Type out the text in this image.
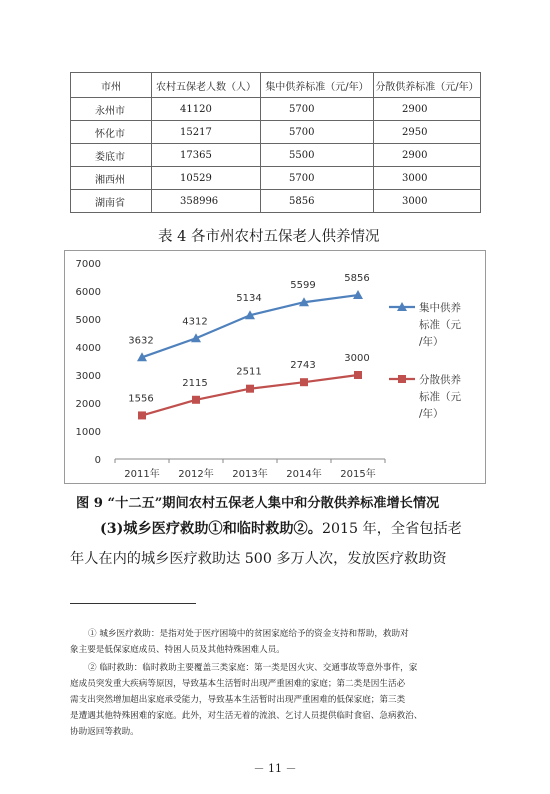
市州	农村五保老人数（人）	集中供养标准（元/年）	分散供养标准（元/年）
永州市	41120	5700	2900
怀化市	15217	5700	2950
娄底市	17365	5500	2900
湘西州	10529	5700	3000
湖南省	358996	5856	3000
表 4 各市州农村五保老人供养情况
0
1000
2000
3000
4000
5000
6000
7000
2011年 2012年 2013年 2014年 2015年
3632
4312
5134
5599
5856
1556
2115
2511
2743
3000
集中供养
标准（元
/年）
分散供养
标准（元
/年）
图 9 “十二五”期间农村五保老人集中和分散供养标准增长情况
(3)城乡医疗救助①和临时救助②。2015 年，全省包括老
年人在内的城乡医疗救助达 500 多万人次，发放医疗救助资
① 城乡医疗救助：是指对处于医疗困境中的贫困家庭给予的资金支持和帮助，救助对
象主要是低保家庭成员、特困人员及其他特殊困难人员。
② 临时救助：临时救助主要覆盖三类家庭：第一类是因火灾、交通事故等意外事件，家
庭成员突发重大疾病等原因，导致基本生活暂时出现严重困难的家庭；第二类是因生活必
需支出突然增加超出家庭承受能力，导致基本生活暂时出现严重困难的低保家庭；第三类
是遭遇其他特殊困难的家庭。此外，对生活无着的流浪、乞讨人员提供临时食宿、急病救治、
协助返回等救助。
－ 11 －
